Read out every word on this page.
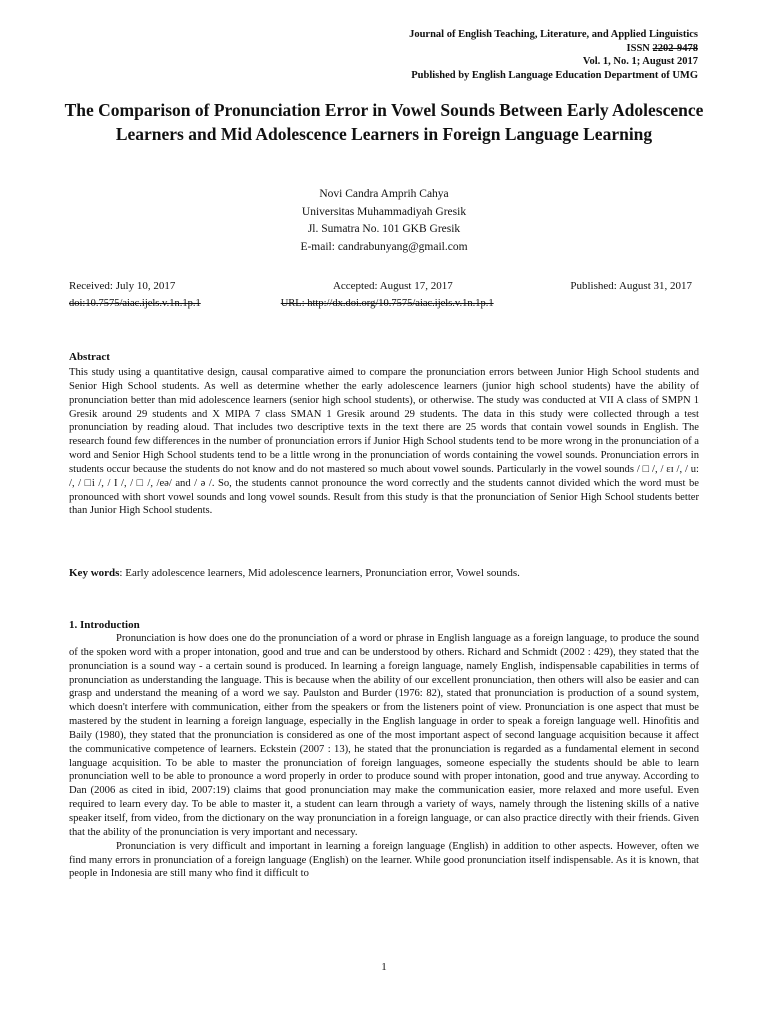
Journal of English Teaching, Literature, and Applied Linguistics
ISSN 2202-9478
Vol. 1, No. 1; August 2017
Published by English Language Education Department of UMG
The Comparison of Pronunciation Error in Vowel Sounds Between Early Adolescence Learners and Mid Adolescence Learners in Foreign Language Learning
Novi Candra Amprih Cahya
Universitas Muhammadiyah Gresik
Jl. Sumatra No. 101 GKB Gresik
E-mail: candrabunyang@gmail.com
Received: July 10, 2017	Accepted: August 17, 2017	Published: August 31, 2017
doi:10.7575/aiac.ijels.v.1n.1p.1	URL: http://dx.doi.org/10.7575/aiac.ijels.v.1n.1p.1
Abstract

This study using a quantitative design, causal comparative aimed to compare the pronunciation errors between Junior High School students and Senior High School students. As well as determine whether the early adolescence learners (junior high school students) have the ability of pronunciation better than mid adolescence learners (senior high school students), or otherwise. The study was conducted at VII A class of SMPN 1 Gresik around 29 students and X MIPA 7 class SMAN 1 Gresik around 29 students. The data in this study were collected through a test pronunciation by reading aloud. That includes two descriptive texts in the text there are 25 words that contain vowel sounds in English. The research found few differences in the number of pronunciation errors if Junior High School students tend to be more wrong in the pronunciation of a word and Senior High School students tend to be a little wrong in the pronunciation of words containing the vowel sounds. Pronunciation errors in students occur because the students do not know and do not mastered so much about vowel sounds. Particularly in the vowel sounds / □ /, / ɛɪ /, / u: /, / □i /, / I /, / □ /, /eə/ and / ə /. So, the students cannot pronounce the word correctly and the students cannot divided which the word must be pronounced with short vowel sounds and long vowel sounds. Result from this study is that the pronunciation of Senior High School students better than Junior High School students.

Key words: Early adolescence learners, Mid adolescence learners, Pronunciation error, Vowel sounds.
1. Introduction

Pronunciation is how does one do the pronunciation of a word or phrase in English language as a foreign language, to produce the sound of the spoken word with a proper intonation, good and true and can be understood by others. Richard and Schmidt (2002 : 429), they stated that the pronunciation is a sound way - a certain sound is produced. In learning a foreign language, namely English, indispensable capabilities in terms of pronunciation as understanding the language. This is because when the ability of our excellent pronunciation, then others will also be easier and can grasp and understand the meaning of a word we say. Paulston and Burder (1976: 82), stated that pronunciation is production of a sound system, which doesn't interfere with communication, either from the speakers or from the listeners point of view. Pronunciation is one aspect that must be mastered by the student in learning a foreign language, especially in the English language in order to speak a foreign language well. Hinofitis and Baily (1980), they stated that the pronunciation is considered as one of the most important aspect of second language acquisition because it affect the communicative competence of learners. Eckstein (2007 : 13), he stated that the pronunciation is regarded as a fundamental element in second language acquisition. To be able to master the pronunciation of foreign languages, someone especially the students should be able to learn pronunciation well to be able to pronounce a word properly in order to produce sound with proper intonation, good and true anyway. According to Dan (2006 as cited in ibid, 2007:19) claims that good pronunciation may make the communication easier, more relaxed and more useful. Even required to learn every day. To be able to master it, a student can learn through a variety of ways, namely through the listening skills of a native speaker itself, from video, from the dictionary on the way pronunciation in a foreign language, or can also practice directly with their friends. Given that the ability of the pronunciation is very important and necessary.

Pronunciation is very difficult and important in learning a foreign language (English) in addition to other aspects. However, often we find many errors in pronunciation of a foreign language (English) on the learner. While good pronunciation itself indispensable. As it is known, that people in Indonesia are still many who find it difficult to

1
